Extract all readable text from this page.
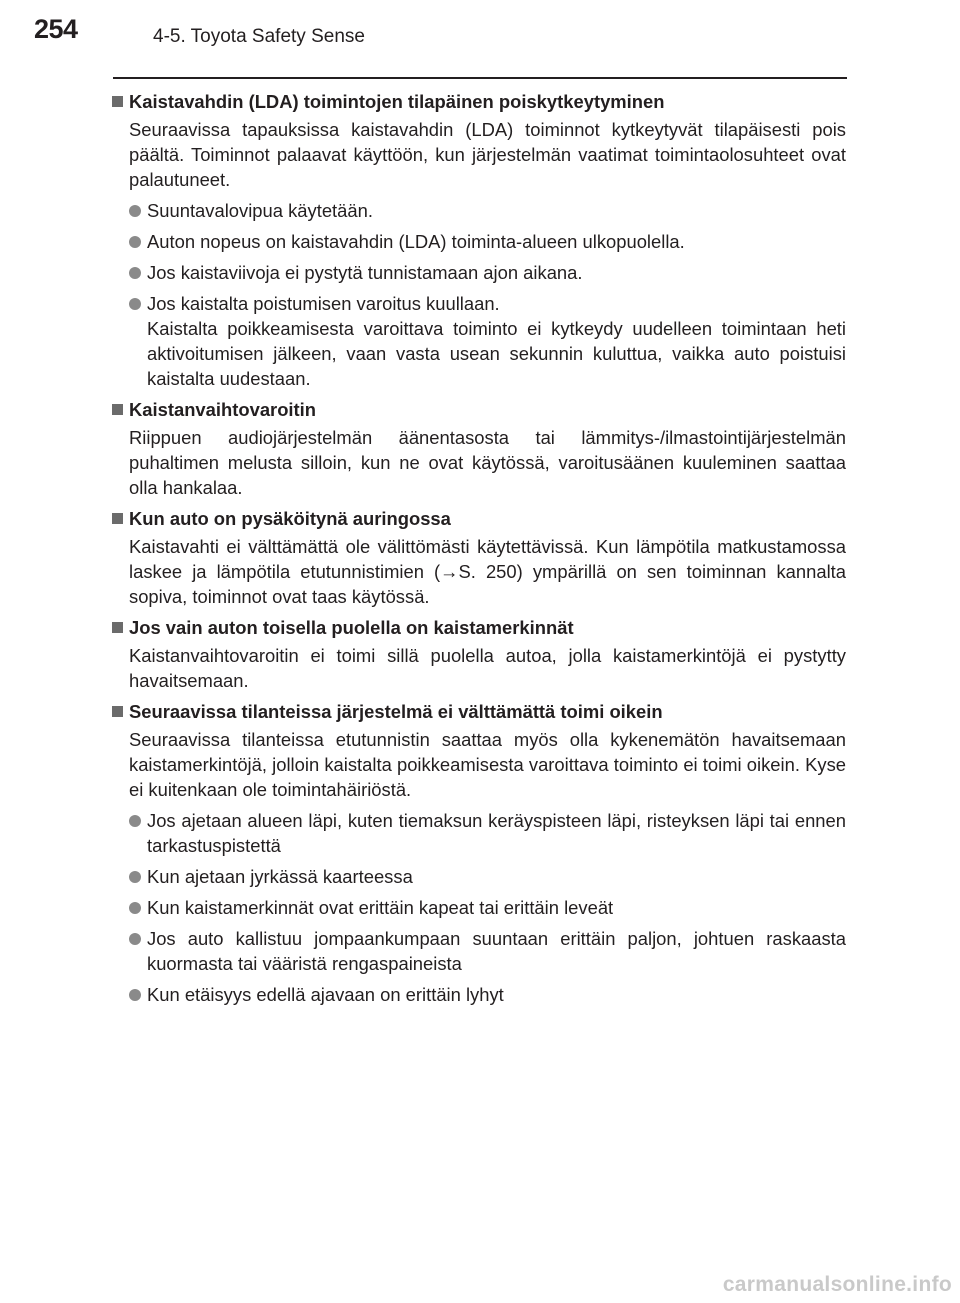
254	4-5. Toyota Safety Sense
Kaistavahdin (LDA) toimintojen tilapäinen poiskytkeytyminen
Seuraavissa tapauksissa kaistavahdin (LDA) toiminnot kytkeytyvät tilapäisesti pois päältä. Toiminnot palaavat käyttöön, kun järjestelmän vaatimat toimintaolosuhteet ovat palautuneet.
Suuntavalovipua käytetään.
Auton nopeus on kaistavahdin (LDA) toiminta-alueen ulkopuolella.
Jos kaistaviivoja ei pystytä tunnistamaan ajon aikana.
Jos kaistalta poistumisen varoitus kuullaan.
Kaistalta poikkeamisesta varoittava toiminto ei kytkeydy uudelleen toimintaan heti aktivoitumisen jälkeen, vaan vasta usean sekunnin kuluttua, vaikka auto poistuisi kaistalta uudestaan.
Kaistanvaihtovaroitin
Riippuen audiojärjestelmän äänentasosta tai lämmitys-/ilmastointijärjestelmän puhaltimen melusta silloin, kun ne ovat käytössä, varoitusäänen kuuleminen saattaa olla hankalaa.
Kun auto on pysäköitynä auringossa
Kaistavahti ei välttämättä ole välittömästi käytettävissä. Kun lämpötila matkustamossa laskee ja lämpötila etutunnistimien (→S. 250) ympärillä on sen toiminnan kannalta sopiva, toiminnot ovat taas käytössä.
Jos vain auton toisella puolella on kaistamerkinnät
Kaistanvaihtovaroitin ei toimi sillä puolella autoa, jolla kaistamerkintöjä ei pystytty havaitsemaan.
Seuraavissa tilanteissa järjestelmä ei välttämättä toimi oikein
Seuraavissa tilanteissa etutunnistin saattaa myös olla kykenemätön havaitsemaan kaistamerkintöjä, jolloin kaistalta poikkeamisesta varoittava toiminto ei toimi oikein. Kyse ei kuitenkaan ole toimintahäiriöstä.
Jos ajetaan alueen läpi, kuten tiemaksun keräyspisteen läpi, risteyksen läpi tai ennen tarkastuspistettä
Kun ajetaan jyrkässä kaarteessa
Kun kaistamerkinnät ovat erittäin kapeat tai erittäin leveät
Jos auto kallistuu jompaankumpaan suuntaan erittäin paljon, johtuen raskaasta kuormasta tai vääristä rengaspaineista
Kun etäisyys edellä ajavaan on erittäin lyhyt
carmanualsonline.info
